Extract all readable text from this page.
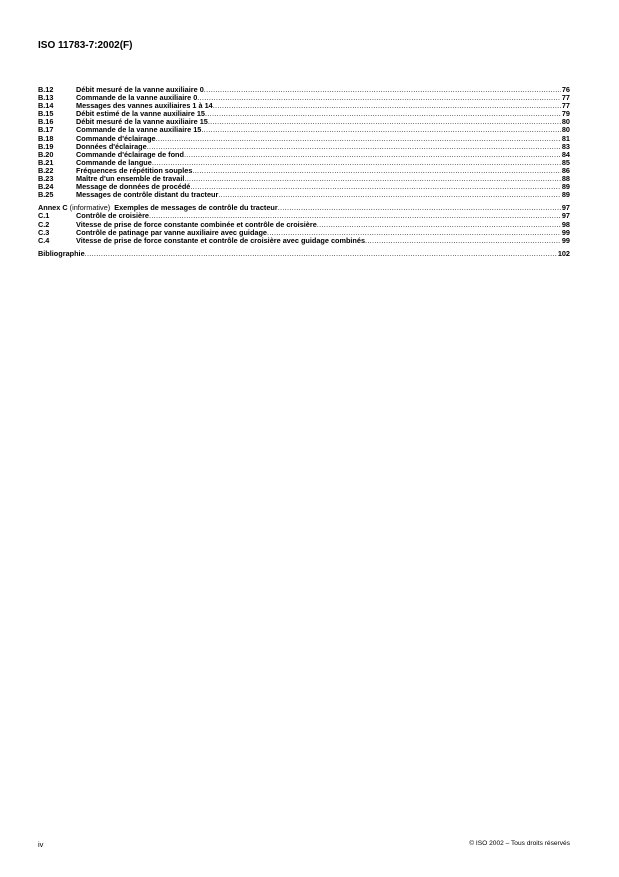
ISO 11783-7:2002(F)
B.12	Débit mesuré de la vanne auxiliaire 0 .....	76
B.13	Commande de la vanne auxiliaire 0 .....	77
B.14	Messages des vannes auxiliaires 1 à 14 .....	77
B.15	Débit estimé de la vanne auxiliaire 15 .....	79
B.16	Débit mesuré de la vanne auxiliaire 15 .....	80
B.17	Commande de la vanne auxiliaire 15 .....	80
B.18	Commande d'éclairage .....	81
B.19	Données d'éclairage .....	83
B.20	Commande d'éclairage de fond .....	84
B.21	Commande de langue .....	85
B.22	Fréquences de répétition souples .....	86
B.23	Maître d'un ensemble de travail .....	88
B.24	Message de données de procédé .....	89
B.25	Messages de contrôle distant du tracteur .....	89
Annex C (informative) Exemples de messages de contrôle du tracteur .....	97
C.1	Contrôle de croisière .....	97
C.2	Vitesse de prise de force constante combinée et contrôle de croisière .....	98
C.3	Contrôle de patinage par vanne auxiliaire avec guidage .....	99
C.4	Vitesse de prise de force constante et contrôle de croisière avec guidage combinés .....	99
Bibliographie .....	102
iv	© ISO 2002 – Tous droits réservés
